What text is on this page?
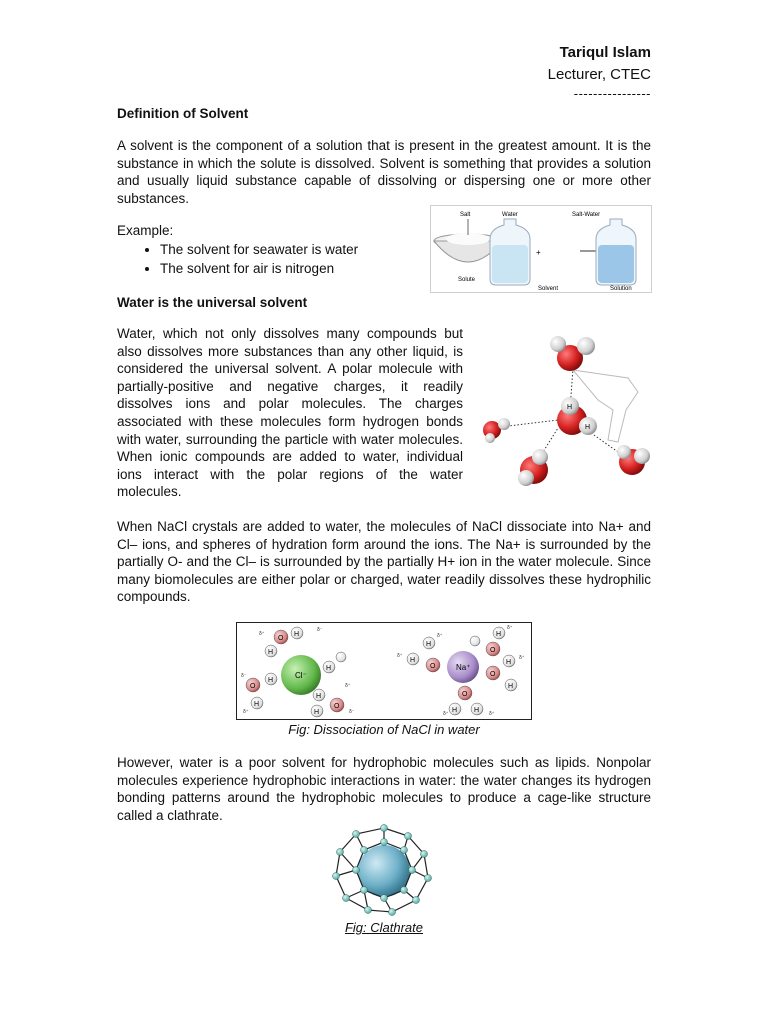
Tariqul Islam
Lecturer, CTEC
----------------
Definition of Solvent
A solvent is the component of a solution that is present in the greatest amount. It is the substance in which the solute is dissolved. Solvent is something that provides a solution and usually liquid substance capable of dissolving or dispersing one or more other substances.
Example:
• The solvent for seawater is water
• The solvent for air is nitrogen
Salt
Solute
Water
+
Solvent
Salt-Water
Solution
Water is the universal solvent
Water, which not only dissolves many compounds but also dissolves more substances than any other liquid, is considered the universal solvent. A polar molecule with partially-positive and negative charges, it readily dissolves ions and polar molecules. The charges associated with these molecules form hydrogen bonds with water, surrounding the particle with water molecules. When ionic compounds are added to water, individual ions interact with the polar regions of the water molecules.
H
H
When NaCl crystals are added to water, the molecules of NaCl dissociate into Na+ and Cl– ions, and spheres of hydration form around the ions. The Na+ is surrounded by the partially O- and the Cl– is surrounded by the partially H+ ion in the water molecule. Since many biomolecules are either polar or charged, water readily dissolves these hydrophilic compounds.
Cl⁻
H
O
H
H
O
H
H
O
H
H
δ⁻
δ⁺
δ⁻
δ⁺
δ⁻
δ⁺
Na⁺
O
H
H
O
H
O
H
H
O
H H
δ⁺
δ⁺
δ⁺
δ⁺
δ⁺
δ⁺
Fig: Dissociation of NaCl in water
However, water is a poor solvent for hydrophobic molecules such as lipids. Nonpolar molecules experience hydrophobic interactions in water: the water changes its hydrogen bonding patterns around the hydrophobic molecules to produce a cage-like structure called a clathrate.
Fig: Clathrate
